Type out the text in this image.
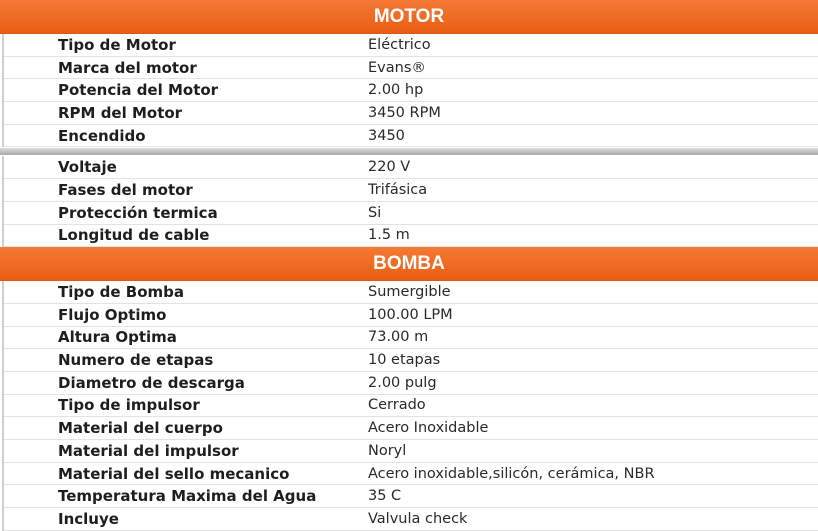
MOTOR
Tipo de Motor	Eléctrico
Marca del motor	Evans®
Potencia del Motor	2.00 hp
RPM del Motor	3450 RPM
Encendido	3450
Voltaje	220 V
Fases del motor	Trifásica
Protección termica	Si
Longitud de cable	1.5 m
BOMBA
Tipo de Bomba	Sumergible
Flujo Optimo	100.00 LPM
Altura Optima	73.00 m
Numero de etapas	10 etapas
Diametro de descarga	2.00 pulg
Tipo de impulsor	Cerrado
Material del cuerpo	Acero Inoxidable
Material del impulsor	Noryl
Material del sello mecanico	Acero inoxidable,silicón, cerámica, NBR
Temperatura Maxima del Agua	35 C
Incluye	Valvula check
